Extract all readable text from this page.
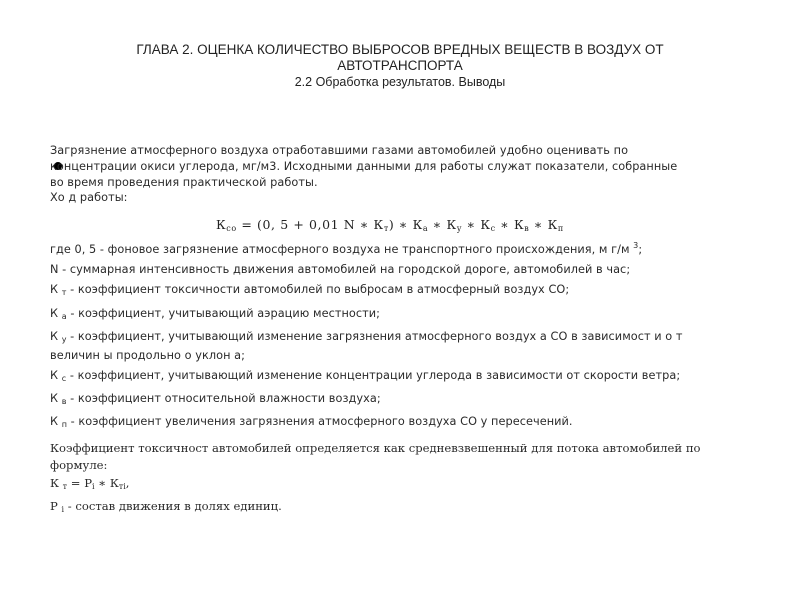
ГЛАВА 2. ОЦЕНКА КОЛИЧЕСТВО ВЫБРОСОВ ВРЕДНЫХ ВЕЩЕСТВ В ВОЗДУХ ОТ АВТОТРАНСПОРТА
2.2 Обработка результатов. Выводы

Загрязнение атмосферного воздуха отработавшими газами автомобилей удобно оценивать по

концентрации окиси углерода, мг/м3. Исходными данными для работы служат показатели, собранные

во время проведения практической работы.

Хо д работы:

$К_{со} = (0$, 5 + 0,01 N ∗ $К_т$) ∗ $К_а$ ∗ $К_у$ ∗ $К_с$ ∗ $К_в$ ∗ $К_п$

где 0, 5 - фоновое загрязнение атмосферного воздуха не транспортного происхождения, м г/м $^3$;

N - суммарная интенсивность движения автомобилей на городской дороге, автомобилей в час;

К $_т$ - коэффициент токсичности автомобилей по выбросам в атмосферный воздух СО;

К $_а$ - коэффициент, учитывающий аэрацию местности;

К $_у$ - коэффициент, учитывающий изменение загрязнения атмосферного воздух а СО в зависимост и о т
величин ы продольно о уклон а;

К $_с$ - коэффициент, учитывающий изменение концентрации углерода в зависимости от скорости ветра;

К $_в$ - коэффициент относительной влажности воздуха;

К $_п$ - коэффициент увеличения загрязнения атмосферного воздуха СО у пересечений.

Коэффициент токсичност автомобилей определяется как средневзвешенный для потока автомобилей по

формуле:

К $_т = Р_i$ ∗ $К_{тi}$,

Р $_i$ - состав движения в долях единиц.
